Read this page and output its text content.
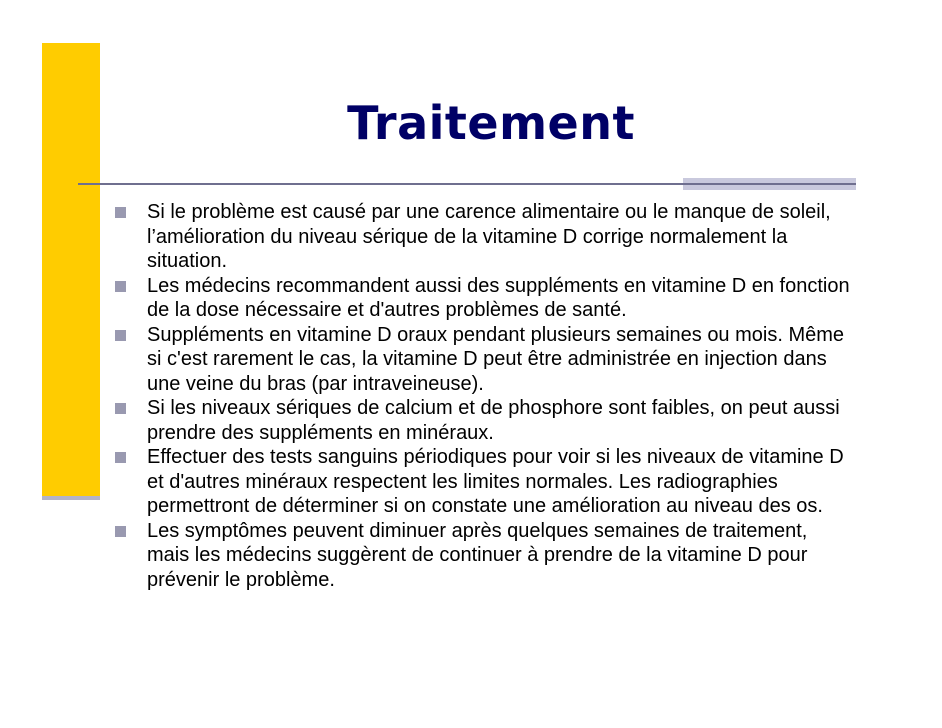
Traitement
Si le problème est causé par une carence alimentaire ou le manque de soleil, l’amélioration du niveau sérique de la vitamine D corrige normalement la situation.
Les médecins recommandent aussi des suppléments en vitamine D en fonction de la dose nécessaire et d'autres problèmes de santé.
Suppléments en vitamine D oraux pendant plusieurs semaines ou mois. Même si c'est rarement le cas, la vitamine D peut être administrée en injection dans une veine du bras (par intraveineuse).
Si les niveaux sériques de calcium et de phosphore sont faibles, on peut aussi prendre des suppléments en minéraux.
Effectuer des tests sanguins périodiques pour voir si les niveaux de vitamine D et d'autres minéraux respectent les limites normales. Les radiographies permettront de déterminer si on constate une amélioration au niveau des os.
Les symptômes peuvent diminuer après quelques semaines de traitement, mais les médecins suggèrent de continuer à prendre de la vitamine D pour prévenir le problème.
